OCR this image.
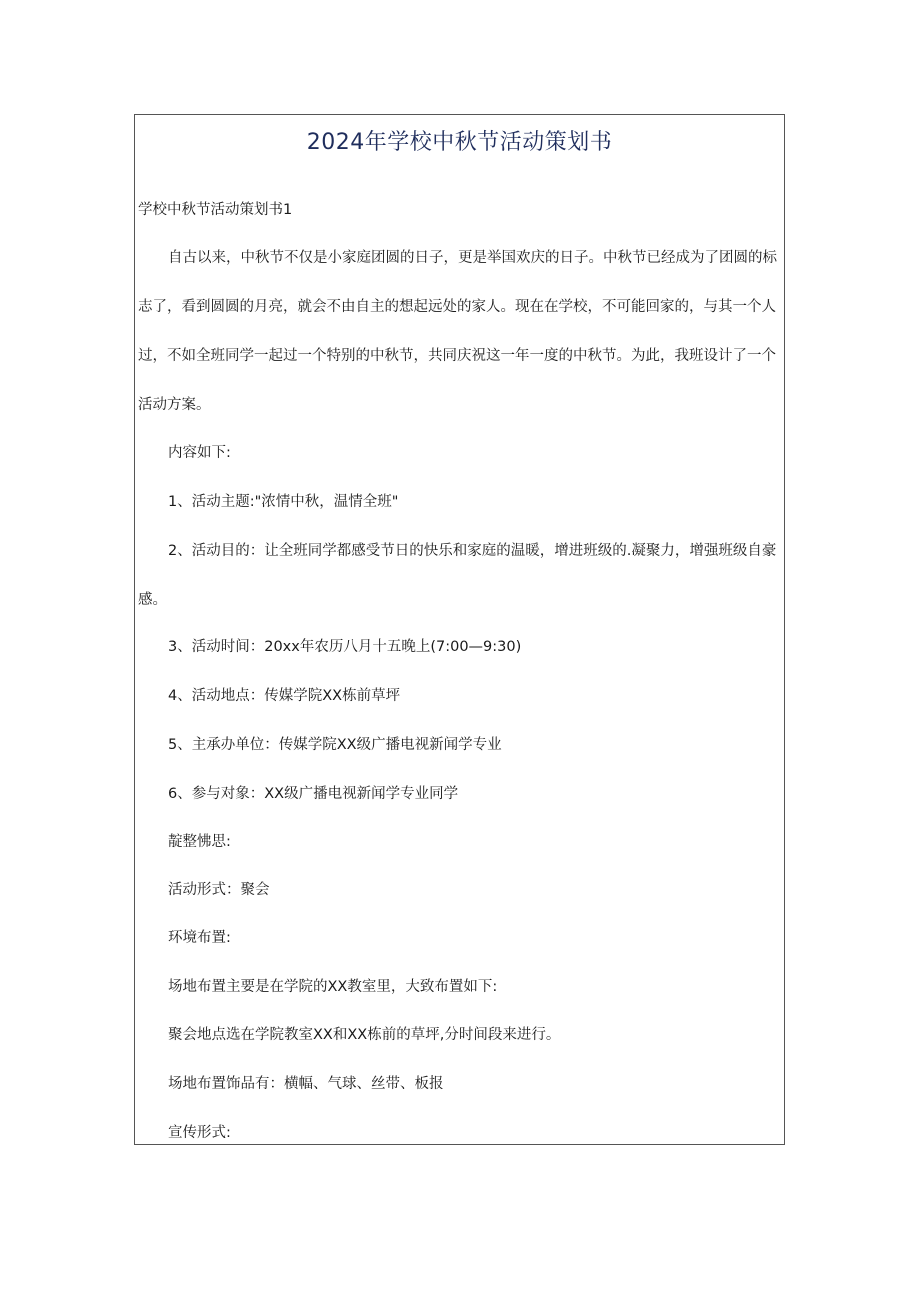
2024年学校中秋节活动策划书

学校中秋节活动策划书1

自古以来，中秋节不仅是小家庭团圆的日子，更是举国欢庆的日子。中秋节已经成为了团圆的标
志了，看到圆圆的月亮，就会不由自主的想起远处的家人。现在在学校，不可能回家的，与其一个人
过，不如全班同学一起过一个特别的中秋节，共同庆祝这一年一度的中秋节。为此，我班设计了一个
活动方案。

内容如下:

1、活动主题:"浓情中秋，温情全班"

2、活动目的：让全班同学都感受节日的快乐和家庭的温暖，增进班级的.凝聚力，增强班级自豪
感。

3、活动时间：20xx年农历八月十五晚上(7:00—9:30)

4、活动地点：传媒学院XX栋前草坪

5、主承办单位：传媒学院XX级广播电视新闻学专业

6、参与对象：XX级广播电视新闻学专业同学

靛整怫思:

活动形式：聚会

环境布置:

场地布置主要是在学院的XX教室里，大致布置如下:

聚会地点选在学院教室XX和XX栋前的草坪,分时间段来进行。

场地布置饰品有：横幅、气球、丝带、板报

宣传形式:
